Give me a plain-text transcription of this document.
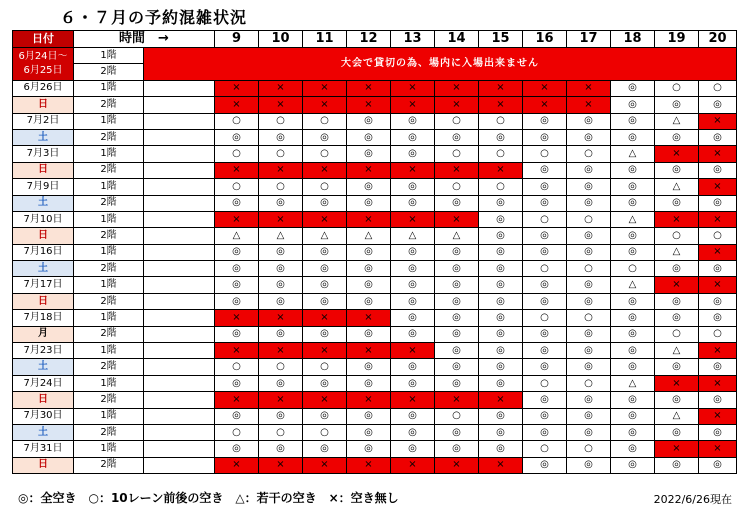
６・７月の予約混雑状況
日付	時間　→		9	10	11	12	13	14	15	16	17	18	19	20
6月24日～
6月25日	1階	大会で貸切の為、場内に入場出来ません												
	2階													
6月26日	1階		×	×	×	×	×	×	×	×	×	◎	○	○
日	2階		×	×	×	×	×	×	×	×	×	◎	◎	◎
7月2日	1階		○	○	○	◎	◎	○	○	◎	◎	◎	△	×
土	2階		◎	◎	◎	◎	◎	◎	◎	◎	◎	◎	◎	◎
7月3日	1階		○	○	○	◎	◎	○	○	○	○	△	×	×
日	2階		×	×	×	×	×	×	×	◎	◎	◎	◎	◎
7月9日	1階		○	○	○	◎	◎	○	○	◎	◎	◎	△	×
土	2階		◎	◎	◎	◎	◎	◎	◎	◎	◎	◎	◎	◎
7月10日	1階		×	×	×	×	×	×	◎	○	○	△	×	×
日	2階		△	△	△	△	△	△	◎	◎	◎	◎	○	○
7月16日	1階		◎	◎	◎	◎	◎	◎	◎	◎	◎	◎	△	×
土	2階		◎	◎	◎	◎	◎	◎	◎	○	○	○	◎	◎
7月17日	1階		◎	◎	◎	◎	◎	◎	◎	◎	◎	△	×	×
日	2階		◎	◎	◎	◎	◎	◎	◎	◎	◎	◎	◎	◎
7月18日	1階		×	×	×	×	◎	◎	◎	○	○	◎	◎	◎
月	2階		◎	◎	◎	◎	◎	◎	◎	◎	◎	◎	○	○
7月23日	1階		×	×	×	×	×	◎	◎	◎	◎	◎	△	×
土	2階		○	○	○	◎	◎	◎	◎	◎	◎	◎	◎	◎
7月24日	1階		◎	◎	◎	◎	◎	◎	◎	○	○	△	×	×
日	2階		×	×	×	×	×	×	×	◎	◎	◎	◎	◎
7月30日	1階		◎	◎	◎	◎	◎	○	◎	◎	◎	◎	△	×
土	2階		○	○	○	◎	◎	◎	◎	◎	◎	◎	◎	◎
7月31日	1階		◎	◎	◎	◎	◎	◎	◎	○	○	◎	×	×
日	2階		×	×	×	×	×	×	×	◎	◎	◎	◎	◎
◎：全空き　○：10レーン前後の空き　△：若干の空き　×：空き無し	2022/6/26現在
